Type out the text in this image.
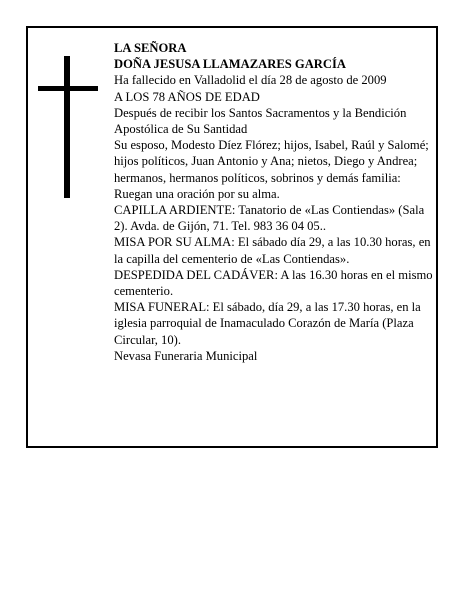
LA SEÑORA

DOÑA JESUSA LLAMAZARES GARCÍA

Ha fallecido en Valladolid el día 28 de agosto de 2009

A LOS 78 AÑOS DE EDAD

Después de recibir los Santos Sacramentos y la Bendición Apostólica de Su Santidad

Su esposo, Modesto Díez Flórez; hijos, Isabel, Raúl y Salomé; hijos políticos, Juan Antonio y Ana; nietos, Diego y Andrea; hermanos, hermanos políticos, sobrinos y demás familia:

Ruegan una oración por su alma.

CAPILLA ARDIENTE: Tanatorio de «Las Contiendas» (Sala 2). Avda. de Gijón, 71. Tel. 983 36 04 05..

MISA POR SU ALMA: El sábado día 29, a las 10.30 horas, en la capilla del cementerio de «Las Contiendas».

DESPEDIDA DEL CADÁVER: A las 16.30 horas en el mismo cementerio.

MISA FUNERAL: El sábado, día 29, a las 17.30 horas, en la iglesia parroquial de Inamaculado Corazón de María (Plaza Circular, 10).

Nevasa Funeraria Municipal
